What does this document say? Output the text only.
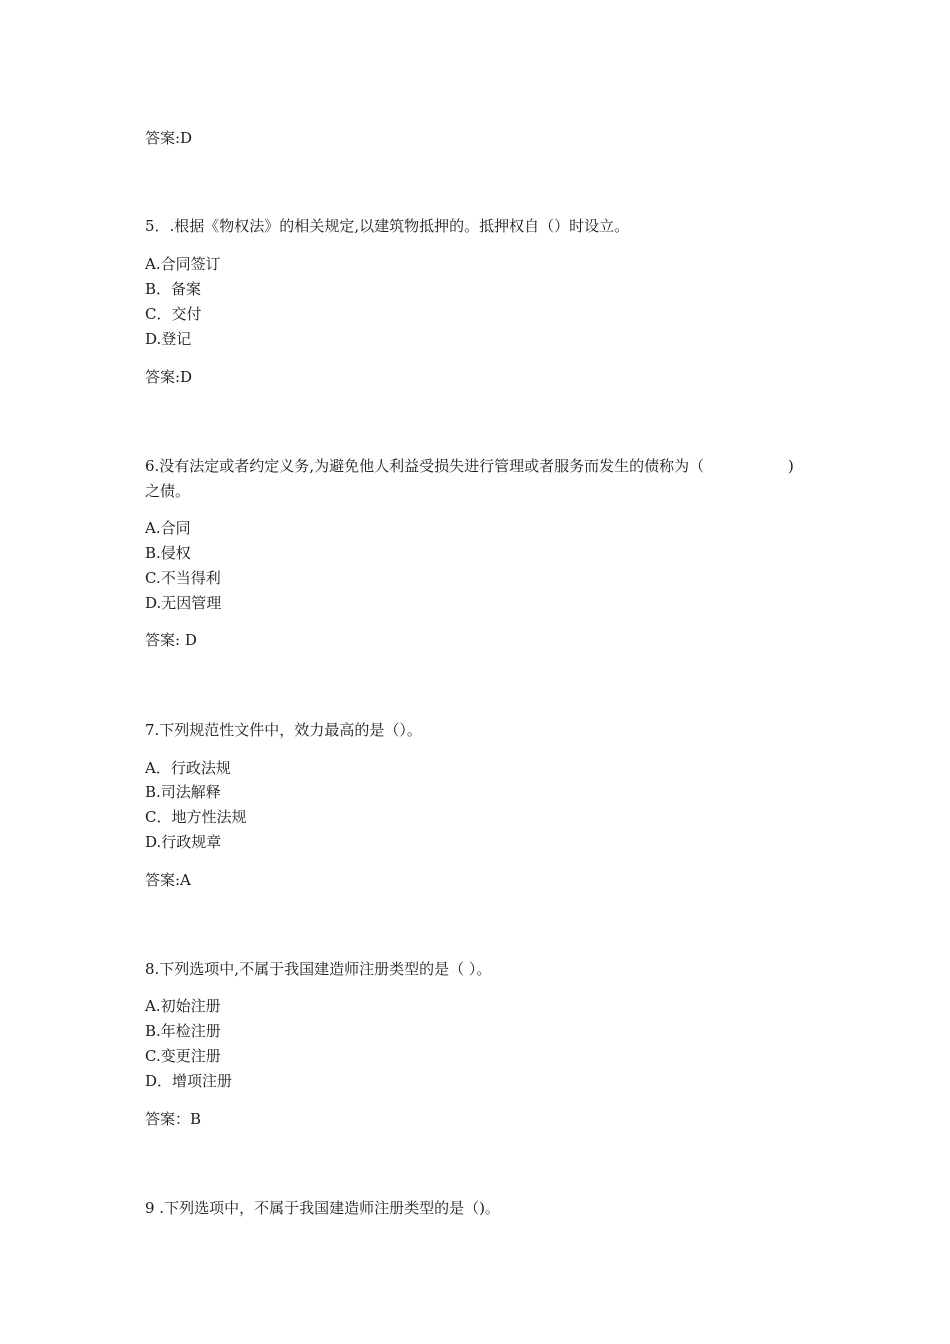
答案:D
5．.根据《物权法》的相关规定,以建筑物抵押的。抵押权自（）时设立。
A.合同签订
B．备案
C．交付
D.登记
答案:D
6.没有法定或者约定义务,为避免他人利益受损失进行管理或者服务而发生的债称为（	)
之债。
A.合同
B.侵权
C.不当得利
D.无因管理
答案: D
7.下列规范性文件中，效力最高的是（）。
A．行政法规
B.司法解释
C．地方性法规
D.行政规章
答案:A
8.下列选项中,不属于我国建造师注册类型的是（ ）。
A.初始注册
B.年检注册
C.变更注册
D．增项注册
答案：B
9 .下列选项中，不属于我国建造师注册类型的是（)。
